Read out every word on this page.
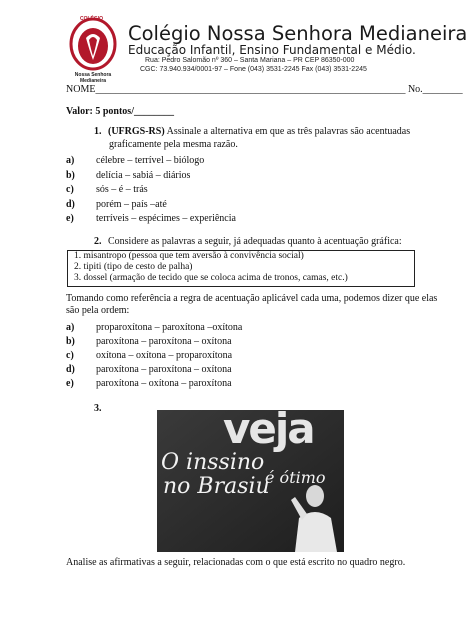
COLÉGIO
Nossa Senhora
Medianeira
Colégio Nossa Senhora Medianeira
Educação Infantil, Ensino Fundamental e Médio.
Rua: Pedro Salomão nº 360 – Santa Mariana – PR CEP 86350-000
CGC: 73.940.934/0001-97 – Fone (043) 3531-2245 Fax (043) 3531-2245
NOME______________________________________________________________ No.________
Valor: 5 pontos/________
1. (UFRGS-RS) Assinale a alternativa em que as três palavras são acentuadas
graficamente pela mesma razão.
a) célebre – terrível – biólogo
b) delícia – sabiá – diários
c) sós – é – trás
d) porém – país –até
e) terríveis – espécimes – experiência
2. Considere as palavras a seguir, já adequadas quanto à acentuação gráfica:
1. misantropo (pessoa que tem aversão à convivência social)
2. tipiti (tipo de cesto de palha)
3. dossel (armação de tecido que se coloca acima de tronos, camas, etc.)
Tomando como referência a regra de acentuação aplicável cada uma, podemos dizer que elas
são pela ordem:
a) proparoxítona – paroxítona –oxítona
b) paroxítona – paroxítona – oxítona
c) oxítona – oxítona – proparoxítona
d) paroxítona – paroxítona – oxítona
e) paroxítona – oxítona – paroxítona
3.	veja
O inssino
no Brasiu
é ótimo
Analise as afirmativas a seguir, relacionadas com o que está escrito no quadro negro.
